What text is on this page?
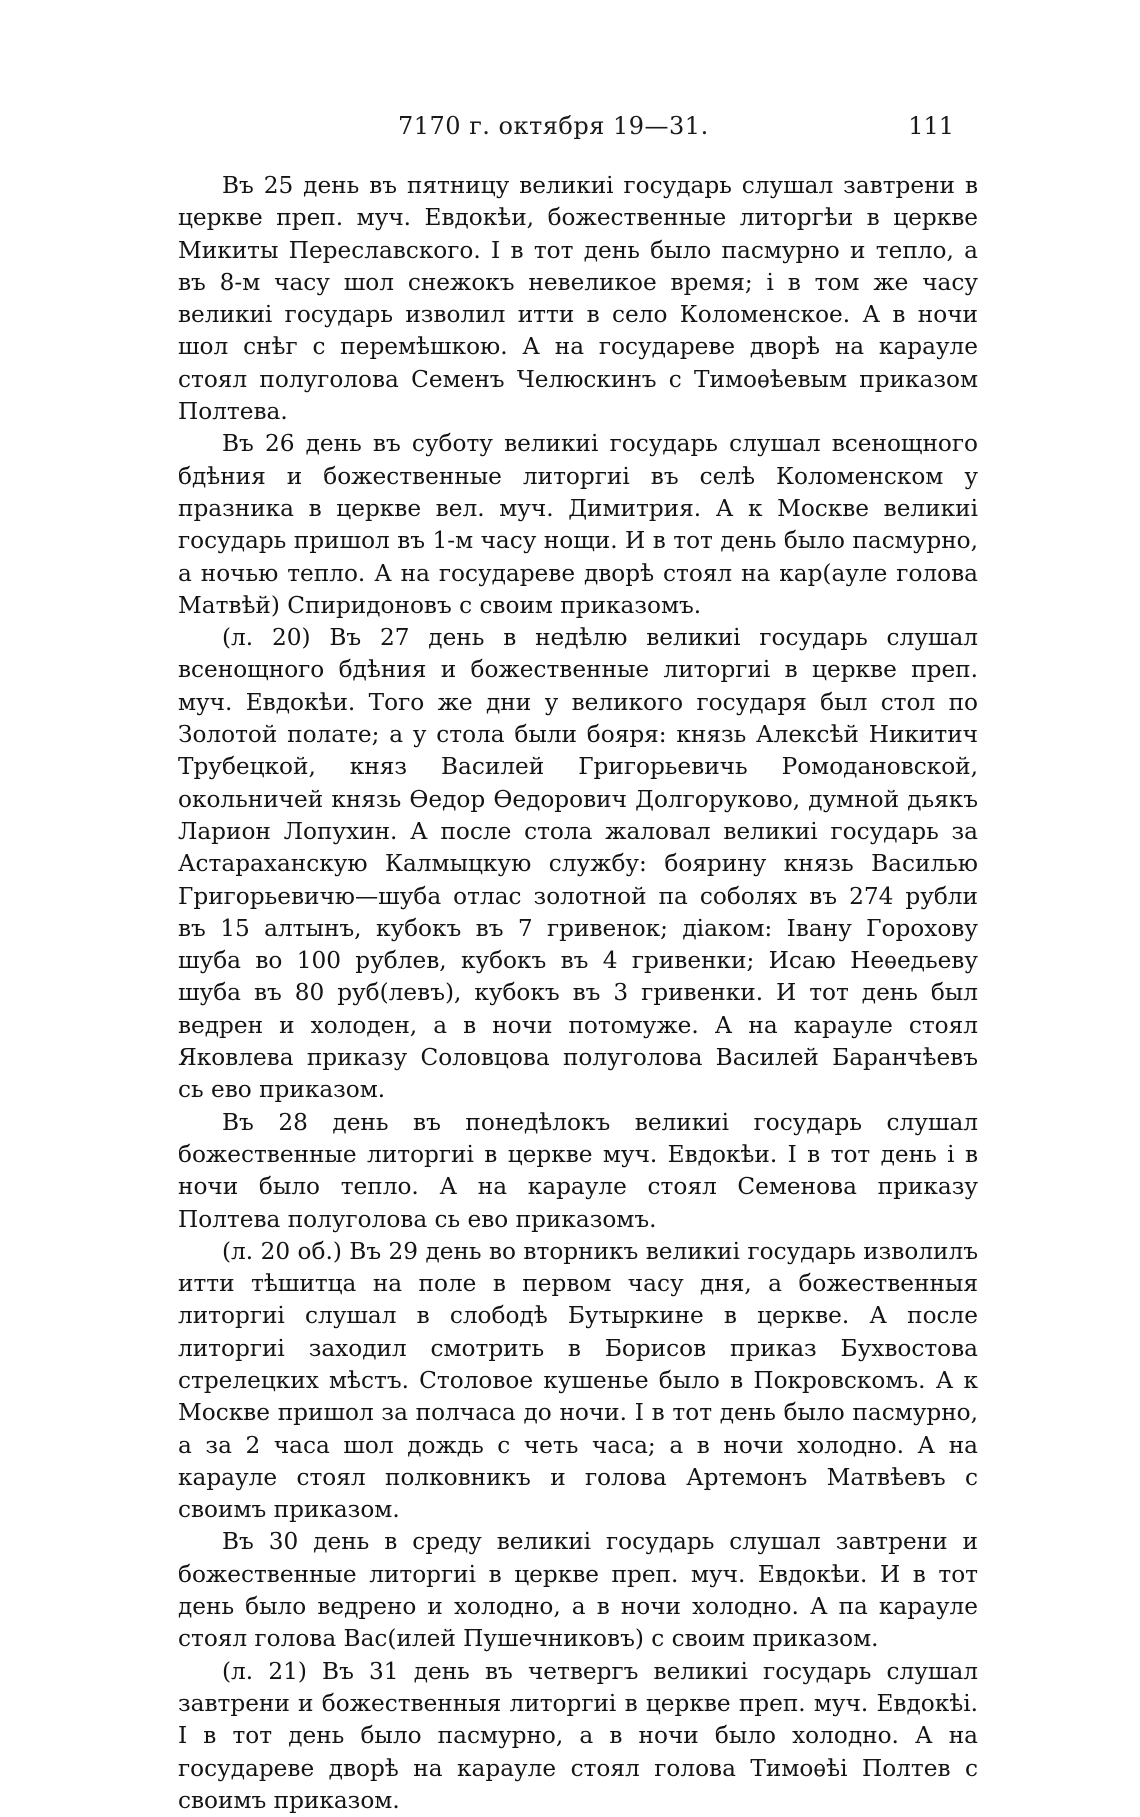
7170 г. октября 19—31.	111

Въ 25 день въ пятницу великиі государь слушал завтрени в церкве преп. муч. Евдокѣи, божественные литоргѣи в церкве Микиты Переславского. І в тот день было пасмурно и тепло, а въ 8-м часу шол снежокъ невеликое время; і в том же часу великиі государь изволил итти в село Коломенское. А в ночи шол снѣг с перемѣшкою. А на государеве дворѣ на карауле стоял полуголова Семенъ Челюскинъ с Тимоѳѣевым приказом Полтева.

Въ 26 день въ суботу великиі государь слушал всенощного бдѣния и божественные литоргиі въ селѣ Коломенском у празника в церкве вел. муч. Димитрия. А к Москве великиі государь пришол въ 1-м часу нощи. И в тот день было пасмурно, а ночью тепло. А на государеве дворѣ стоял на кар(ауле голова Матвѣй) Спиридоновъ с своим приказомъ.

(л. 20) Въ 27 день в недѣлю великиі государь слушал всенощного бдѣния и божественные литоргиі в церкве преп. муч. Евдокѣи. Того же дни у великого государя был стол по Золотой полате; а у стола были бояря: князь Алексѣй Никитич Трубецкой, княз Василей Григорьевичь Ромодановской, окольничей князь Ѳедор Ѳедорович Долгоруково, думной дьякъ Ларион Лопухин. А после стола жаловал великиі государь за Астараханскую Калмыцкую службу: боярину князь Василью Григорьевичю—шуба отлас золотной па соболях въ 274 рубли въ 15 алтынъ, кубокъ въ 7 гривенок; діаком: Івану Горохову шуба во 100 рублев, кубокъ въ 4 гривенки; Исаю Неѳедьеву шуба въ 80 руб(левъ), кубокъ въ 3 гривенки. И тот день был ведрен и холоден, а в ночи потомуже. А на карауле стоял Яковлева приказу Соловцова полуголова Василей Баранчѣевъ сь ево приказом.

Въ 28 день въ понедѣлокъ великиі государь слушал божественные литоргиі в церкве муч. Евдокѣи. І в тот день і в ночи было тепло. А на карауле стоял Семенова приказу Полтева полуголова сь ево приказомъ.

(л. 20 об.) Въ 29 день во вторникъ великиі государь изволилъ итти тѣшитца на поле в первом часу дня, а божественныя литоргиі слушал в слободѣ Бутыркине в церкве. А после литоргиі заходил смотрить в Борисов приказ Бухвостова стрелецких мѣстъ. Столовое кушенье было в Покровскомъ. А к Москве пришол за полчаса до ночи. І в тот день было пасмурно, а за 2 часа шол дождь с четь часа; а в ночи холодно. А на карауле стоял полковникъ и голова Артемонъ Матвѣевъ с своимъ приказом.

Въ 30 день в среду великиі государь слушал завтрени и божественные литоргиі в церкве преп. муч. Евдокѣи. И в тот день было ведрено и холодно, а в ночи холодно. А па карауле стоял голова Вас(илей Пушечниковъ) с своим приказом.

(л. 21) Въ 31 день въ четвергъ великиі государь слушал завтрени и божественныя литоргиі в церкве преп. муч. Евдокѣі. І в тот день было пасмурно, а в ночи было холодно. А на государеве дворѣ на карауле стоял голова Тимоѳѣі Полтев с своимъ приказом.
